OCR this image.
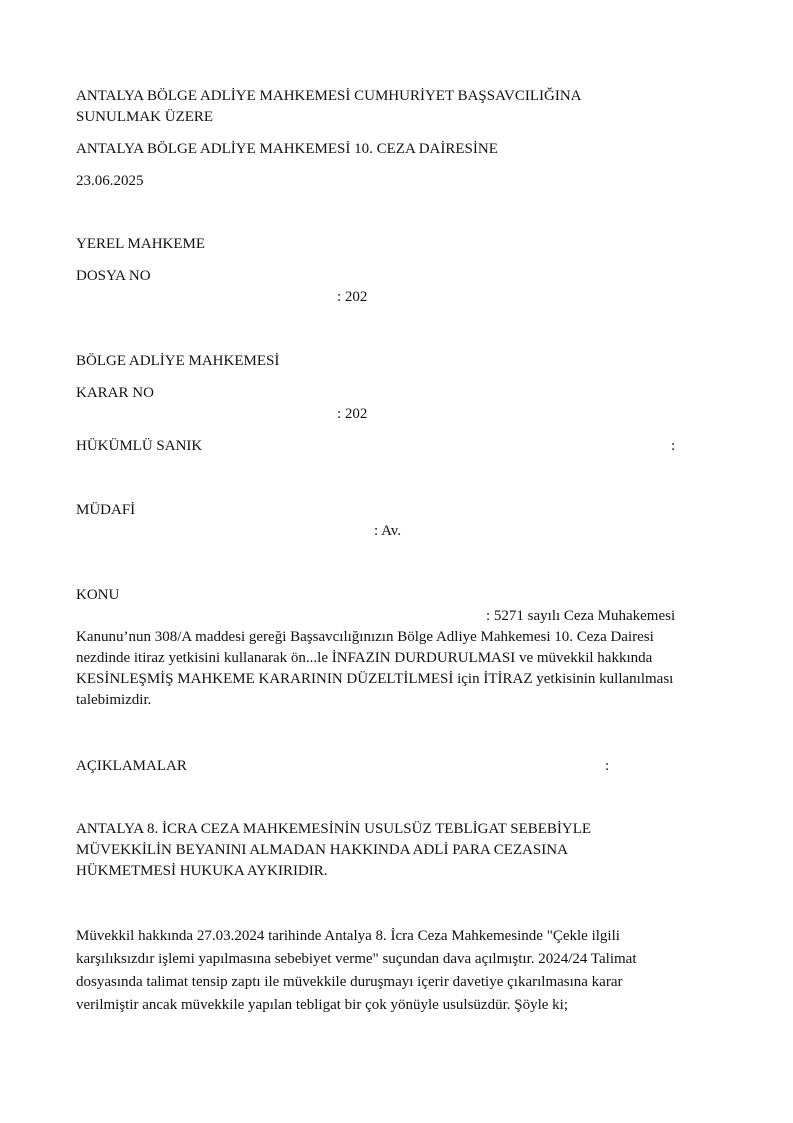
ANTALYA BÖLGE ADLİYE MAHKEMESİ CUMHURİYET BAŞSAVCILIĞINA
SUNULMAK ÜZERE
ANTALYA BÖLGE ADLİYE MAHKEMESİ 10. CEZA DAİRESİNE
23.06.2025
YEREL MAHKEME
DOSYA NO
: 202
BÖLGE ADLİYE MAHKEMESİ
KARAR NO
: 202
HÜKÜMLÜ SANIK	:
MÜDAFİ
: Av.
KONU
: 5271 sayılı Ceza Muhakemesi

Kanunu’nun 308/A maddesi gereği Başsavcılığınızın Bölge Adliye Mahkemesi 10. Ceza Dairesi

nezdinde itiraz yetkisini kullanarak ön...le İNFAZIN DURDURULMASI ve müvekkil hakkında

KESİNLEŞMİŞ MAHKEME KARARININ DÜZELTİLMESİ için İTİRAZ yetkisinin kullanılması

talebimizdir.

AÇIKLAMALAR	:

ANTALYA 8. İCRA CEZA MAHKEMESİNİN USULSÜZ TEBLİGAT SEBEBİYLE

MÜVEKKİLİN BEYANINI ALMADAN HAKKINDA ADLİ PARA CEZASINA

HÜKMETMESİ HUKUKA AYKIRIDIR.

Müvekkil hakkında 27.03.2024 tarihinde Antalya 8. İcra Ceza Mahkemesinde "Çekle ilgili

karşılıksızdır işlemi yapılmasına sebebiyet verme" suçundan dava açılmıştır. 2024/24 Talimat

dosyasında talimat tensip zaptı ile müvekkile duruşmayı içerir davetiye çıkarılmasına karar

verilmiştir ancak müvekkile yapılan tebligat bir çok yönüyle usulsüzdür. Şöyle ki;
